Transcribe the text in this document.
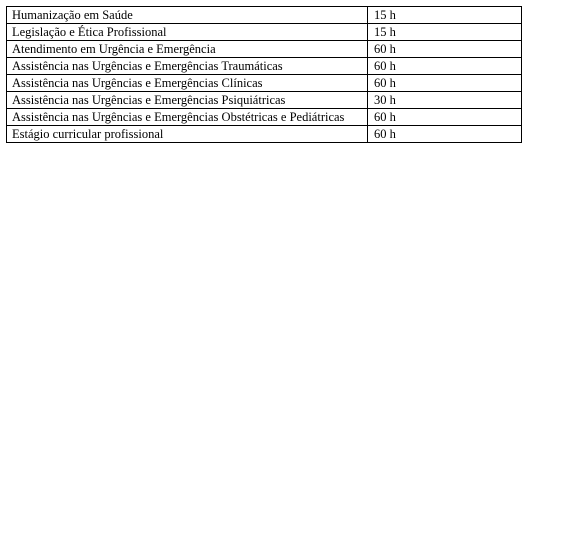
Humanização em Saúde	15 h
Legislação e Ética Profissional	15 h
Atendimento em Urgência e Emergência	60 h
Assistência nas Urgências e Emergências Traumáticas	60 h
Assistência nas Urgências e Emergências Clínicas	60 h
Assistência nas Urgências e Emergências Psiquiátricas	30 h
Assistência nas Urgências e Emergências Obstétricas e Pediátricas	60 h
Estágio curricular profissional	60 h
